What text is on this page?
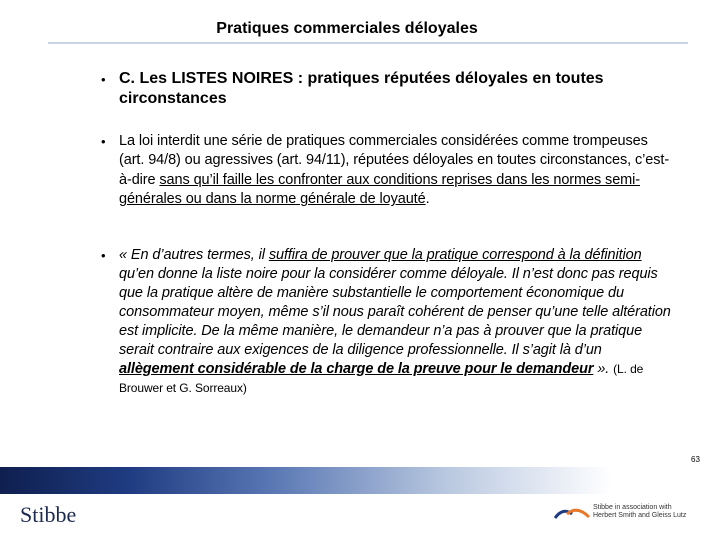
Pratiques commerciales déloyales
• C. Les LISTES NOIRES : pratiques réputées déloyales en toutes circonstances
• La loi interdit une série de pratiques commerciales considérées comme trompeuses (art. 94/8) ou agressives (art. 94/11), réputées déloyales en toutes circonstances, c’est-à-dire sans qu’il faille les confronter aux conditions reprises dans les normes semi-générales ou dans la norme générale de loyauté.
• « En d’autres termes, il suffira de prouver que la pratique correspond à la définition qu’en donne la liste noire pour la considérer comme déloyale. Il n’est donc pas requis que la pratique altère de manière substantielle le comportement économique du consommateur moyen, même s’il nous paraît cohérent de penser qu’une telle altération est implicite. De la même manière, le demandeur n’a pas à prouver que la pratique serait contraire aux exigences de la diligence professionnelle. Il s’agit là d’un allègement considérable de la charge de la preuve pour le demandeur ». (L. de Brouwer et G. Sorreaux)
63
Stibbe	Stibbe in association with
Herbert Smith and Gleiss Lutz
